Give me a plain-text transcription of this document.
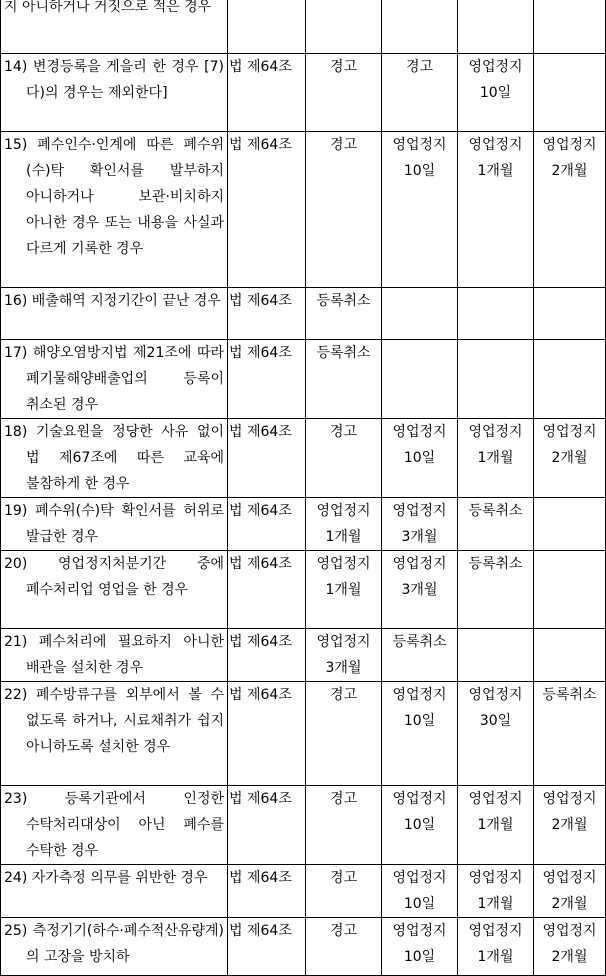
지 아니하거나 거짓으로 적은 경우					

14) 변경등록을 게을리 한 경우 [7)다)의 경우는 제외한다]	법 제64조	경고	경고	영업정지
10일	

15) 폐수인수·인계에 따른 폐수위(수)탁 확인서를 발부하지 아니하거나 보관·비치하지 아니한 경우 또는 내용을 사실과 다르게 기록한 경우	법 제64조	경고	영업정지
10일	영업정지
1개월	영업정지
2개월

16) 배출해역 지정기간이 끝난 경우	법 제64조	등록취소			

17) 해양오염방지법 제21조에 따라 폐기물해양배출업의 등록이 취소된 경우	법 제64조	등록취소			

18) 기술요원을 정당한 사유 없이 법 제67조에 따른 교육에 불참하게 한 경우	법 제64조	경고	영업정지
10일	영업정지
1개월	영업정지
2개월

19) 폐수위(수)탁 확인서를 허위로 발급한 경우	법 제64조	영업정지
1개월	영업정지
3개월	등록취소	

20) 영업정지처분기간 중에 폐수처리업 영업을 한 경우	법 제64조	영업정지
1개월	영업정지
3개월	등록취소	

21) 폐수처리에 필요하지 아니한 배관을 설치한 경우	법 제64조	영업정지
3개월	등록취소		

22) 폐수방류구를 외부에서 볼 수 없도록 하거나, 시료채취가 쉽지 아니하도록 설치한 경우	법 제64조	경고	영업정지
10일	영업정지
30일	등록취소

23) 등록기관에서 인정한 수탁처리대상이 아닌 폐수를 수탁한 경우	법 제64조	경고	영업정지
10일	영업정지
1개월	영업정지
2개월

24) 자가측정 의무를 위반한 경우	법 제64조	경고	영업정지
10일	영업정지
1개월	영업정지
2개월

25) 측정기기(하수·폐수적산유량계)의 고장을 방치하	법 제64조	경고	영업정지
10일	영업정지
1개월	영업정지
2개월
